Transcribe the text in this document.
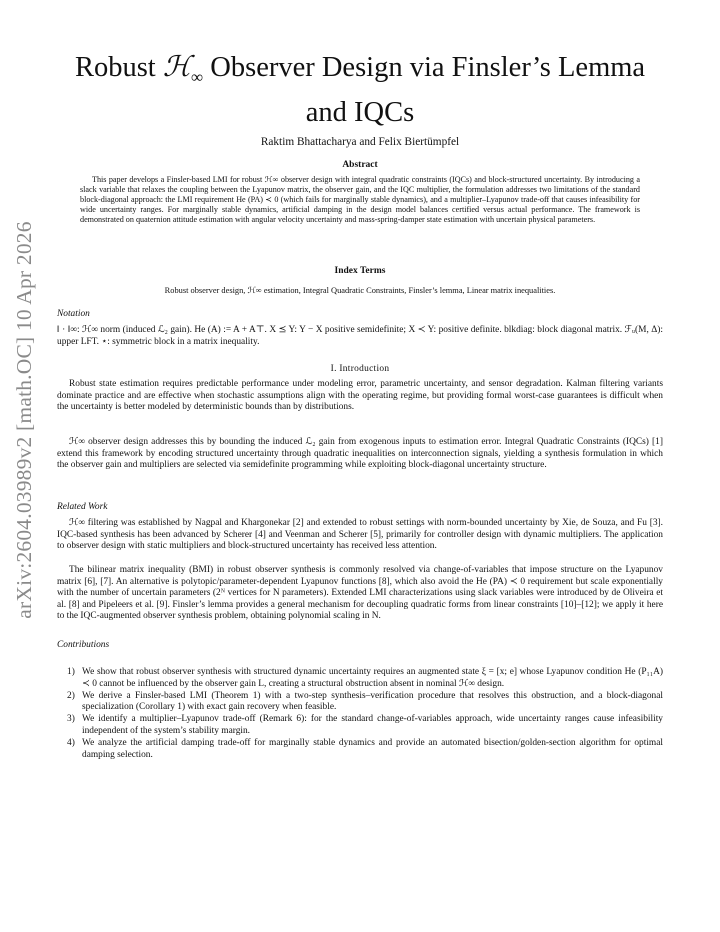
arXiv:2604.03989v2 [math.OC] 10 Apr 2026
Robust ℋ$_\infty$ Observer Design via Finsler’s Lemma
and IQCs
Raktim Bhattacharya and Felix Biertümpfel
Abstract
This paper develops a Finsler-based LMI for robust ℋ∞ observer design with integral quadratic constraints (IQCs) and block-structured uncertainty. By introducing a slack variable that relaxes the coupling between the Lyapunov matrix, the observer gain, and the IQC multiplier, the formulation addresses two limitations of the standard block-diagonal approach: the LMI requirement He (PA) ≺ 0 (which fails for marginally stable dynamics), and a multiplier–Lyapunov trade-off that causes infeasibility for wide uncertainty ranges. For marginally stable dynamics, artificial damping in the design model balances certified versus actual performance. The framework is demonstrated on quaternion attitude estimation with angular velocity uncertainty and mass-spring-damper state estimation with uncertain physical parameters.
Index Terms
Robust observer design, ℋ∞ estimation, Integral Quadratic Constraints, Finsler’s lemma, Linear matrix inequalities.
Notation
‖ · ‖∞: ℋ∞ norm (induced ℒ₂ gain). He (A) := A + A⊤. X ⪯ Y: Y − X positive semidefinite; X ≺ Y: positive definite. blkdiag: block diagonal matrix. ℱᵤ(M, Δ): upper LFT. ⋆: symmetric block in a matrix inequality.
I. Introduction
Robust state estimation requires predictable performance under modeling error, parametric uncertainty, and sensor degradation. Kalman filtering variants dominate practice and are effective when stochastic assumptions align with the operating regime, but providing formal worst-case guarantees is difficult when the uncertainty is better modeled by deterministic bounds than by distributions.
ℋ∞ observer design addresses this by bounding the induced ℒ₂ gain from exogenous inputs to estimation error. Integral Quadratic Constraints (IQCs) [1] extend this framework by encoding structured uncertainty through quadratic inequalities on interconnection signals, yielding a synthesis formulation in which the observer gain and multipliers are selected via semidefinite programming while exploiting block-diagonal uncertainty structure.
Related Work
ℋ∞ filtering was established by Nagpal and Khargonekar [2] and extended to robust settings with norm-bounded uncertainty by Xie, de Souza, and Fu [3]. IQC-based synthesis has been advanced by Scherer [4] and Veenman and Scherer [5], primarily for controller design with dynamic multipliers. The application to observer design with static multipliers and block-structured uncertainty has received less attention.
The bilinear matrix inequality (BMI) in robust observer synthesis is commonly resolved via change-of-variables that impose structure on the Lyapunov matrix [6], [7]. An alternative is polytopic/parameter-dependent Lyapunov functions [8], which also avoid the He (PA) ≺ 0 requirement but scale exponentially with the number of uncertain parameters (2ᴺ vertices for N parameters). Extended LMI characterizations using slack variables were introduced by de Oliveira et al. [8] and Pipeleers et al. [9]. Finsler’s lemma provides a general mechanism for decoupling quadratic forms from linear constraints [10]–[12]; we apply it here to the IQC-augmented observer synthesis problem, obtaining polynomial scaling in N.
Contributions
1) We show that robust observer synthesis with structured dynamic uncertainty requires an augmented state ξ = [x; e] whose Lyapunov condition He (P₁₁A) ≺ 0 cannot be influenced by the observer gain L, creating a structural obstruction absent in nominal ℋ∞ design.
2) We derive a Finsler-based LMI (Theorem 1) with a two-step synthesis–verification procedure that resolves this obstruction, and a block-diagonal specialization (Corollary 1) with exact gain recovery when feasible.
3) We identify a multiplier–Lyapunov trade-off (Remark 6): for the standard change-of-variables approach, wide uncertainty ranges cause infeasibility independent of the system’s stability margin.
4) We analyze the artificial damping trade-off for marginally stable dynamics and provide an automated bisection/golden-section algorithm for optimal damping selection.
